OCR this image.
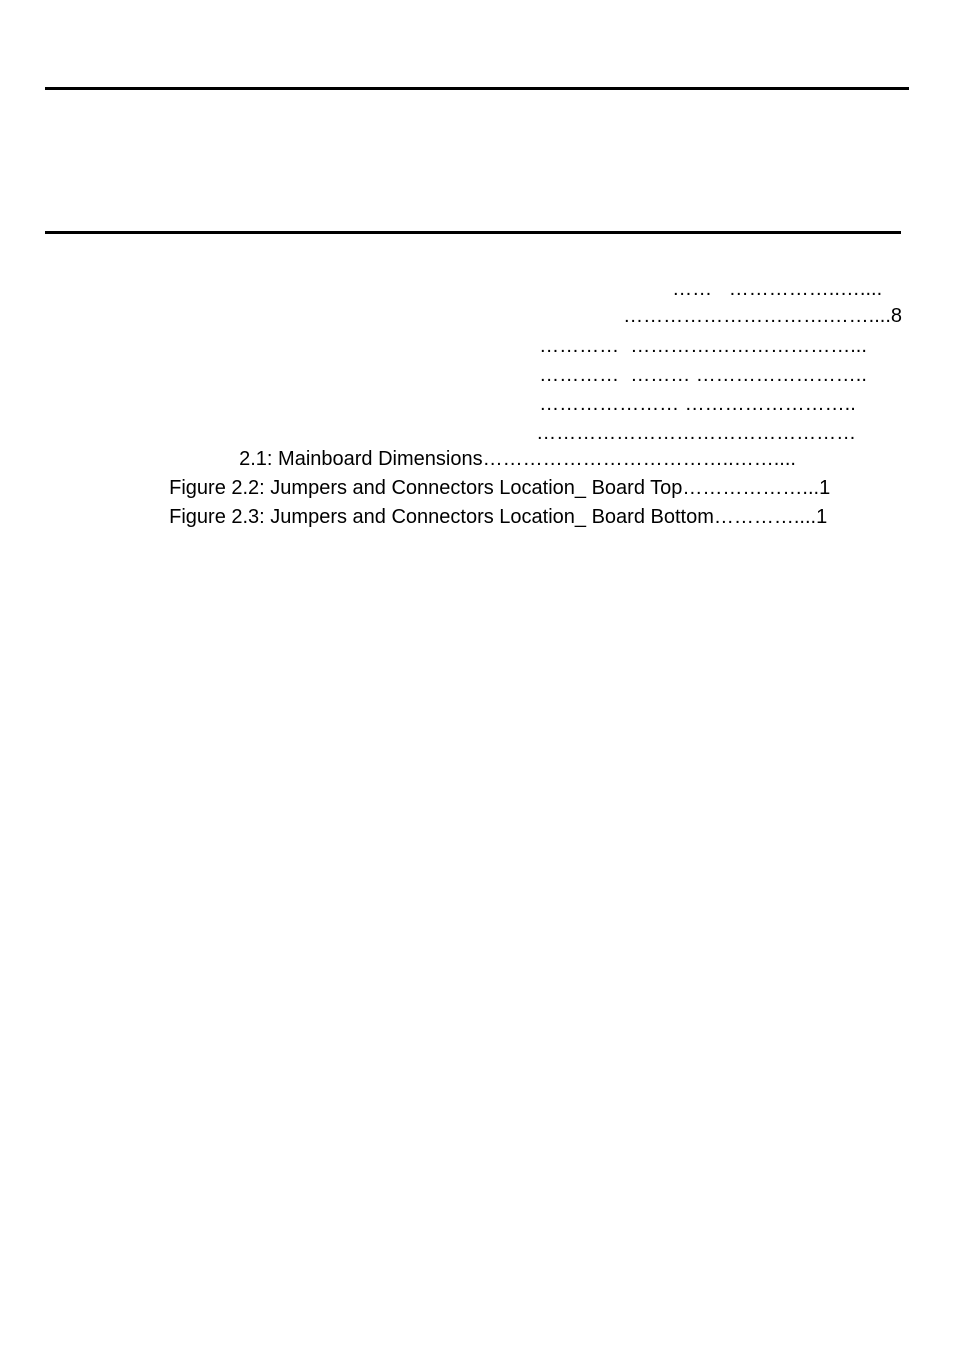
……   ……………..…....

………………………….……....8

…………  ……………………………...

…………  ……… ……………………..

………………… ……………………..

…………………………………………

2.1: Mainboard Dimensions………………………………..……....

Figure 2.2: Jumpers and Connectors Location_ Board Top………………...1

Figure 2.3: Jumpers and Connectors Location_ Board Bottom…………....1
